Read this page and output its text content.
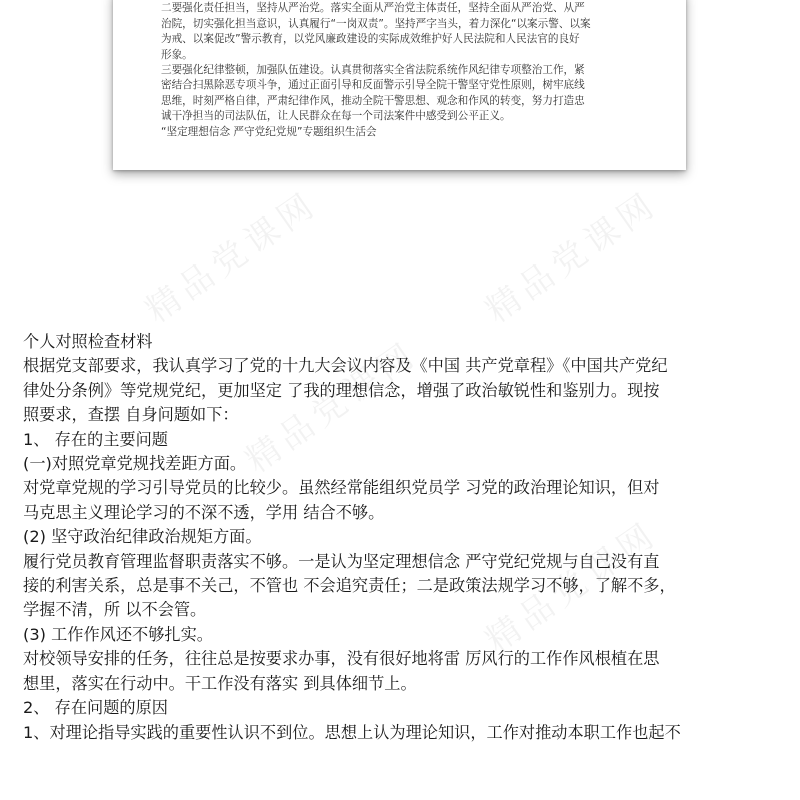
二要强化责任担当，坚持从严治党。落实全面从严治党主体责任，坚持全面从严治党、从严

治院，切实强化担当意识，认真履行“一岗双责”。坚持严字当头，着力深化“以案示警、以案

为戒、以案促改”警示教育，以党风廉政建设的实际成效维护好人民法院和人民法官的良好

形象。

三要强化纪律整顿，加强队伍建设。认真贯彻落实全省法院系统作风纪律专项整治工作，紧

密结合扫黑除恶专项斗争，通过正面引导和反面警示引导全院干警坚守党性原则，树牢底线

思维，时刻严格自律，严肃纪律作风，推动全院干警思想、观念和作风的转变，努力打造忠

诚干净担当的司法队伍，让人民群众在每一个司法案件中感受到公平正义。

“坚定理想信念 严守党纪党规”专题组织生活会

精品党课网	精品党课网
精品党课网
精品党课网

个人对照检查材料

根据党支部要求，我认真学习了党的十九大会议内容及《中国 共产党章程》《中国共产党纪

律处分条例》等党规党纪，更加坚定 了我的理想信念，增强了政治敏锐性和鉴别力。现按

照要求，查摆 自身问题如下：

1、 存在的主要问题

(一)对照党章党规找差距方面。

对党章党规的学习引导党员的比较少。虽然经常能组织党员学 习党的政治理论知识，但对

马克思主义理论学习的不深不透，学用 结合不够。

(2) 坚守政治纪律政治规矩方面。

履行党员教育管理监督职责落实不够。一是认为坚定理想信念 严守党纪党规与自己没有直

接的利害关系，总是事不关己，不管也 不会追究责任；二是政策法规学习不够，了解不多，

学握不清，所 以不会管。

(3) 工作作风还不够扎实。

对校领导安排的任务，往往总是按要求办事，没有很好地将雷 厉风行的工作作风根植在思

想里，落实在行动中。干工作没有落实 到具体细节上。

2、 存在问题的原因

1、对理论指导实践的重要性认识不到位。思想上认为理论知识，工作对推动本职工作也起不
